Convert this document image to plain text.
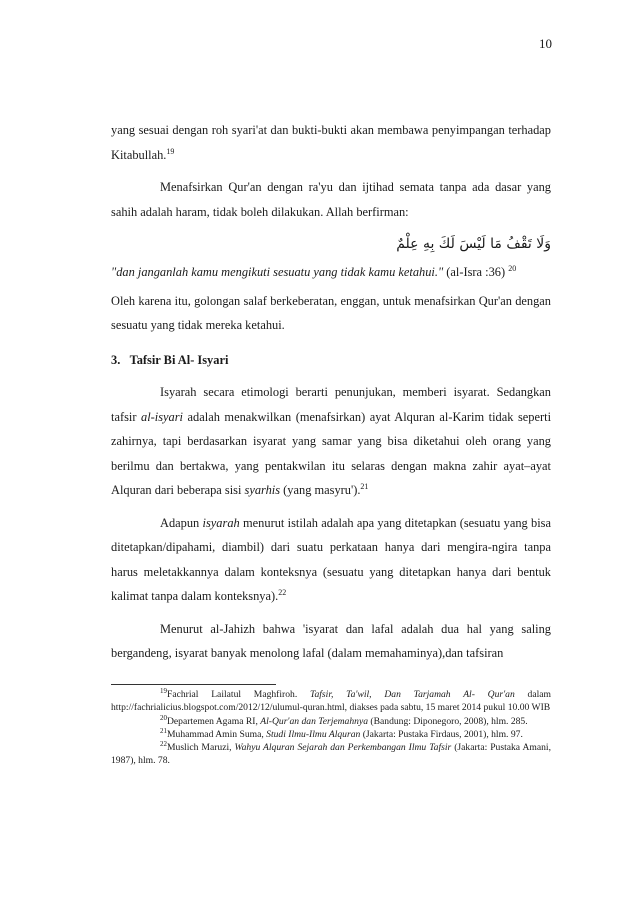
10

yang sesuai dengan roh syari'at dan bukti-bukti akan membawa penyimpangan terhadap Kitabullah.$^{19}$

Menafsirkan Qur'an dengan ra'yu dan ijtihad semata tanpa ada dasar yang sahih adalah haram, tidak boleh dilakukan. Allah berfirman:

وَلَا تَقْفُ مَا لَيْسَ لَكَ بِهِ عِلْمٌ

"dan janganlah kamu mengikuti sesuatu yang tidak kamu ketahui." (al-Isra :36) $^{20}$

Oleh karena itu, golongan salaf berkeberatan, enggan, untuk menafsirkan Qur'an dengan sesuatu yang tidak mereka ketahui.

3. Tafsir Bi Al- Isyari

Isyarah secara etimologi berarti penunjukan, memberi isyarat. Sedangkan tafsir al-isyari adalah menakwilkan (menafsirkan) ayat Alquran al-Karim tidak seperti zahirnya, tapi berdasarkan isyarat yang samar yang bisa diketahui oleh orang yang berilmu dan bertakwa, yang pentakwilan itu selaras dengan makna zahir ayat–ayat Alquran dari beberapa sisi syarhis (yang masyru').$^{21}$

Adapun isyarah menurut istilah adalah apa yang ditetapkan (sesuatu yang bisa ditetapkan/dipahami, diambil) dari suatu perkataan hanya dari mengira-ngira tanpa harus meletakkannya dalam konteksnya (sesuatu yang ditetapkan hanya dari bentuk kalimat tanpa dalam konteksnya).$^{22}$

Menurut al-Jahizh bahwa 'isyarat dan lafal adalah dua hal yang saling bergandeng, isyarat banyak menolong lafal (dalam memahaminya),dan tafsiran

$^{19}$Fachrial Lailatul Maghfiroh. Tafsir, Ta'wil, Dan Tarjamah Al- Qur'an dalam http://fachrialicius.blogspot.com/2012/12/ulumul-quran.html, diakses pada sabtu, 15 maret 2014 pukul 10.00 WIB

$^{20}$Departemen Agama RI, Al-Qur'an dan Terjemahnya (Bandung: Diponegoro, 2008), hlm. 285.

$^{21}$Muhammad Amin Suma, Studi Ilmu-Ilmu Alquran (Jakarta: Pustaka Firdaus, 2001), hlm. 97.

$^{22}$Muslich Maruzi, Wahyu Alquran Sejarah dan Perkembangan Ilmu Tafsir (Jakarta: Pustaka Amani, 1987), hlm. 78.
